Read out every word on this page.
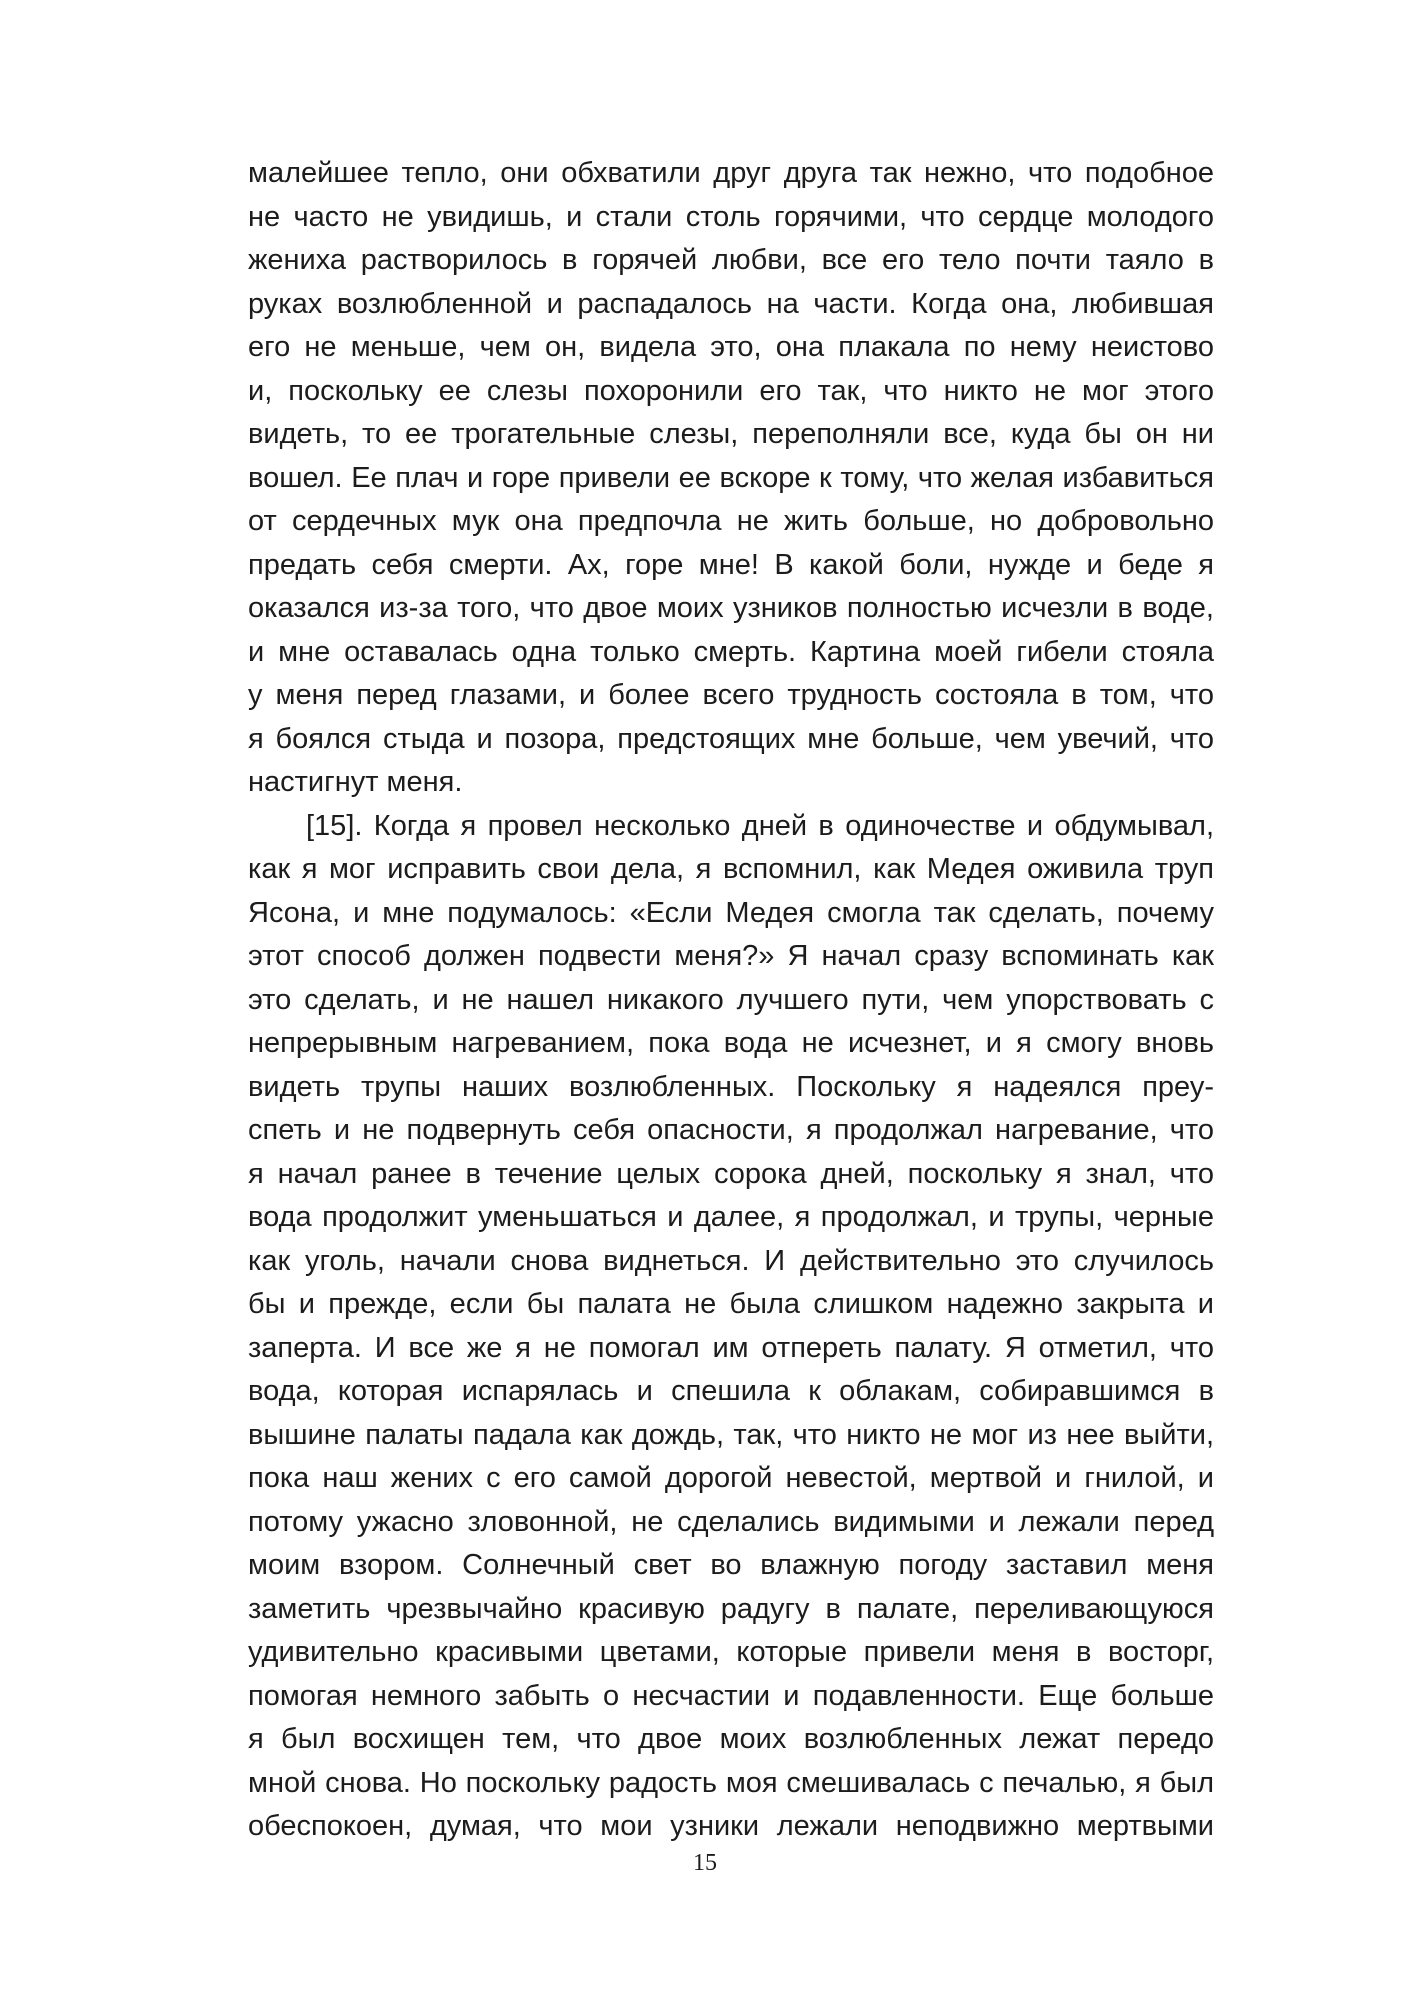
малейшее тепло, они обхватили друг друга так нежно, что подобное
не часто не увидишь, и стали столь горячими, что сердце молодого
жениха растворилось в горячей любви, все его тело почти таяло в
руках возлюбленной и распадалось на части. Когда она, любившая
его не меньше, чем он, видела это, она плакала по нему неистово
и, поскольку ее слезы похоронили его так, что никто не мог этого
видеть, то ее трогательные слезы, переполняли все, куда бы он ни
вошел. Ее плач и горе привели ее вскоре к тому, что желая избавиться
от сердечных мук она предпочла не жить больше, но добровольно
предать себя смерти. Ах, горе мне! В какой боли, нужде и беде я
оказался из-за того, что двое моих узников полностью исчезли в воде,
и мне оставалась одна только смерть. Картина моей гибели стояла
у меня перед глазами, и более всего трудность состояла в том, что
я боялся стыда и позора, предстоящих мне больше, чем увечий, что
настигнут меня.
[15]. Когда я провел несколько дней в одиночестве и обдумывал,
как я мог исправить свои дела, я вспомнил, как Медея оживила труп
Ясона, и мне подумалось: «Если Медея смогла так сделать, почему
этот способ должен подвести меня?» Я начал сразу вспоминать как
это сделать, и не нашел никакого лучшего пути, чем упорствовать с
непрерывным нагреванием, пока вода не исчезнет, и я смогу вновь
видеть трупы наших возлюбленных. Поскольку я надеялся преу-
спеть и не подвернуть себя опасности, я продолжал нагревание, что
я начал ранее в течение целых сорока дней, поскольку я знал, что
вода продолжит уменьшаться и далее, я продолжал, и трупы, черные
как уголь, начали снова виднеться. И действительно это случилось
бы и прежде, если бы палата не была слишком надежно закрыта и
заперта. И все же я не помогал им отпереть палату. Я отметил, что
вода, которая испарялась и спешила к облакам, собиравшимся в
вышине палаты падала как дождь, так, что никто не мог из нее выйти,
пока наш жених с его самой дорогой невестой, мертвой и гнилой, и
потому ужасно зловонной, не сделались видимыми и лежали перед
моим взором. Солнечный свет во влажную погоду заставил меня
заметить чрезвычайно красивую радугу в палате, переливающуюся
удивительно красивыми цветами, которые привели меня в восторг,
помогая немного забыть о несчастии и подавленности. Еще больше
я был восхищен тем, что двое моих возлюбленных лежат передо
мной снова. Но поскольку радость моя смешивалась с печалью, я был
обеспокоен, думая, что мои узники лежали неподвижно мертвыми
15
